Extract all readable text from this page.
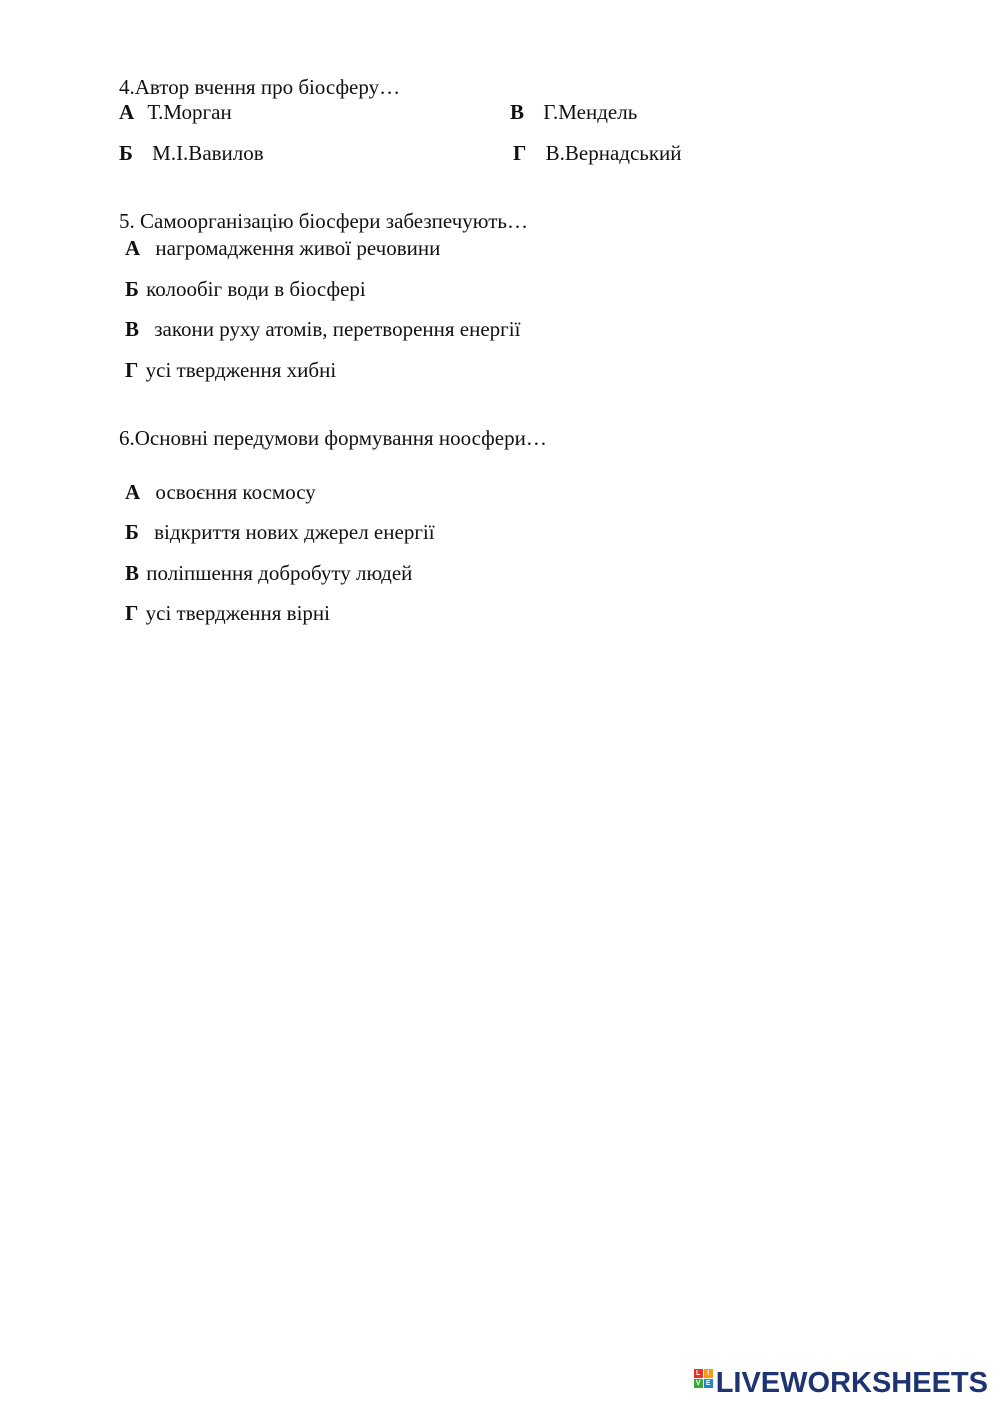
4.Автор вчення про біосферу…
А Т.Морган
Б М.І.Вавилов
В Г.Мендель
Г В.Вернадський
5. Самоорганізацію біосфери забезпечують…
А нагромадження живої речовини
Б колообіг води в біосфері
В закони руху атомів, перетворення енергії
Г усі твердження хибні
6.Основні передумови формування ноосфери…
А освоєння космосу
Б відкриття нових джерел енергії
В поліпшення добробуту людей
Г усі твердження вірні
L I
V E LIVEWORKSHEETS
